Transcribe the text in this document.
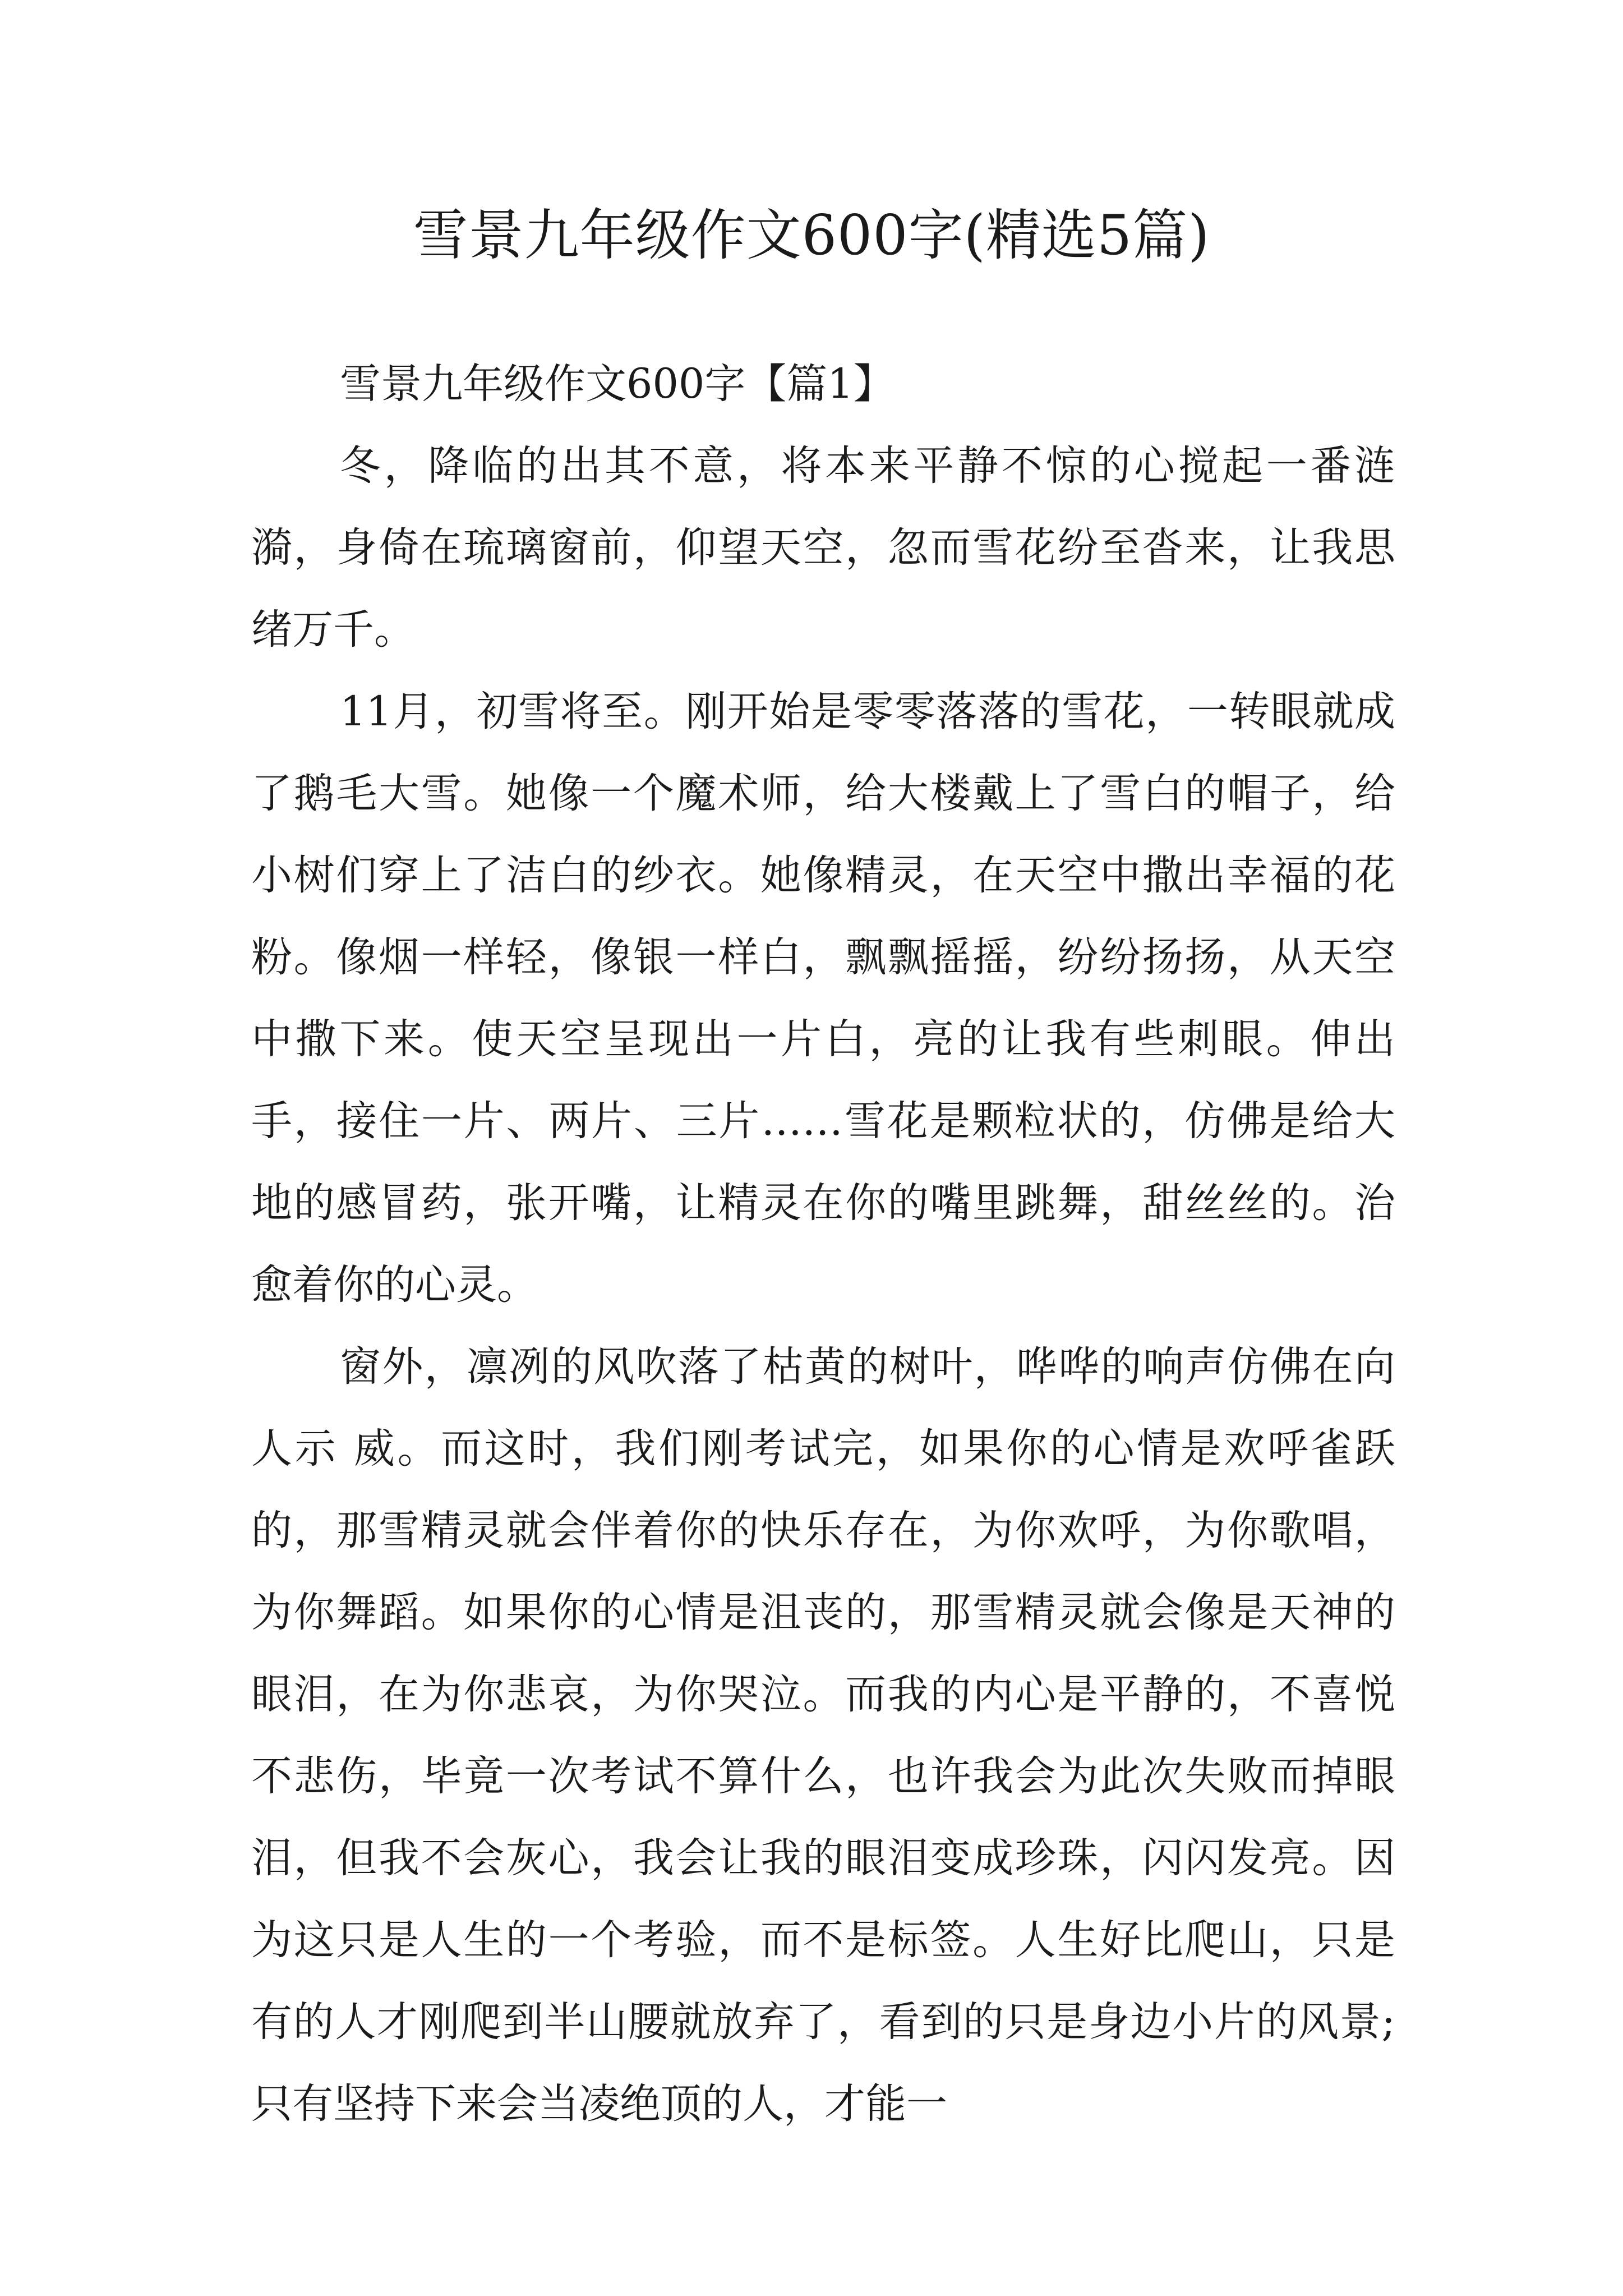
雪景九年级作文600字(精选5篇)

雪景九年级作文600字【篇1】

冬，降临的出其不意，将本来平静不惊的心搅起一番涟漪，身倚在琉璃窗前，仰望天空，忽而雪花纷至沓来，让我思绪万千。

11月，初雪将至。刚开始是零零落落的雪花，一转眼就成了鹅毛大雪。她像一个魔术师，给大楼戴上了雪白的帽子，给小树们穿上了洁白的纱衣。她像精灵，在天空中撒出幸福的花粉。像烟一样轻，像银一样白，飘飘摇摇，纷纷扬扬，从天空中撒下来。使天空呈现出一片白，亮的让我有些刺眼。伸出手，接住一片、两片、三片……雪花是颗粒状的，仿佛是给大地的感冒药，张开嘴，让精灵在你的嘴里跳舞，甜丝丝的。治愈着你的心灵。

窗外，凛冽的风吹落了枯黄的树叶，哗哗的响声仿佛在向人示 威。而这时，我们刚考试完，如果你的心情是欢呼雀跃的，那雪精灵就会伴着你的快乐存在，为你欢呼，为你歌唱，为你舞蹈。如果你的心情是沮丧的，那雪精灵就会像是天神的眼泪，在为你悲哀，为你哭泣。而我的内心是平静的，不喜悦不悲伤，毕竟一次考试不算什么，也许我会为此次失败而掉眼泪，但我不会灰心，我会让我的眼泪变成珍珠，闪闪发亮。因为这只是人生的一个考验，而不是标签。人生好比爬山，只是有的人才刚爬到半山腰就放弃了，看到的只是身边小片的风景;只有坚持下来会当凌绝顶的人，才能一
